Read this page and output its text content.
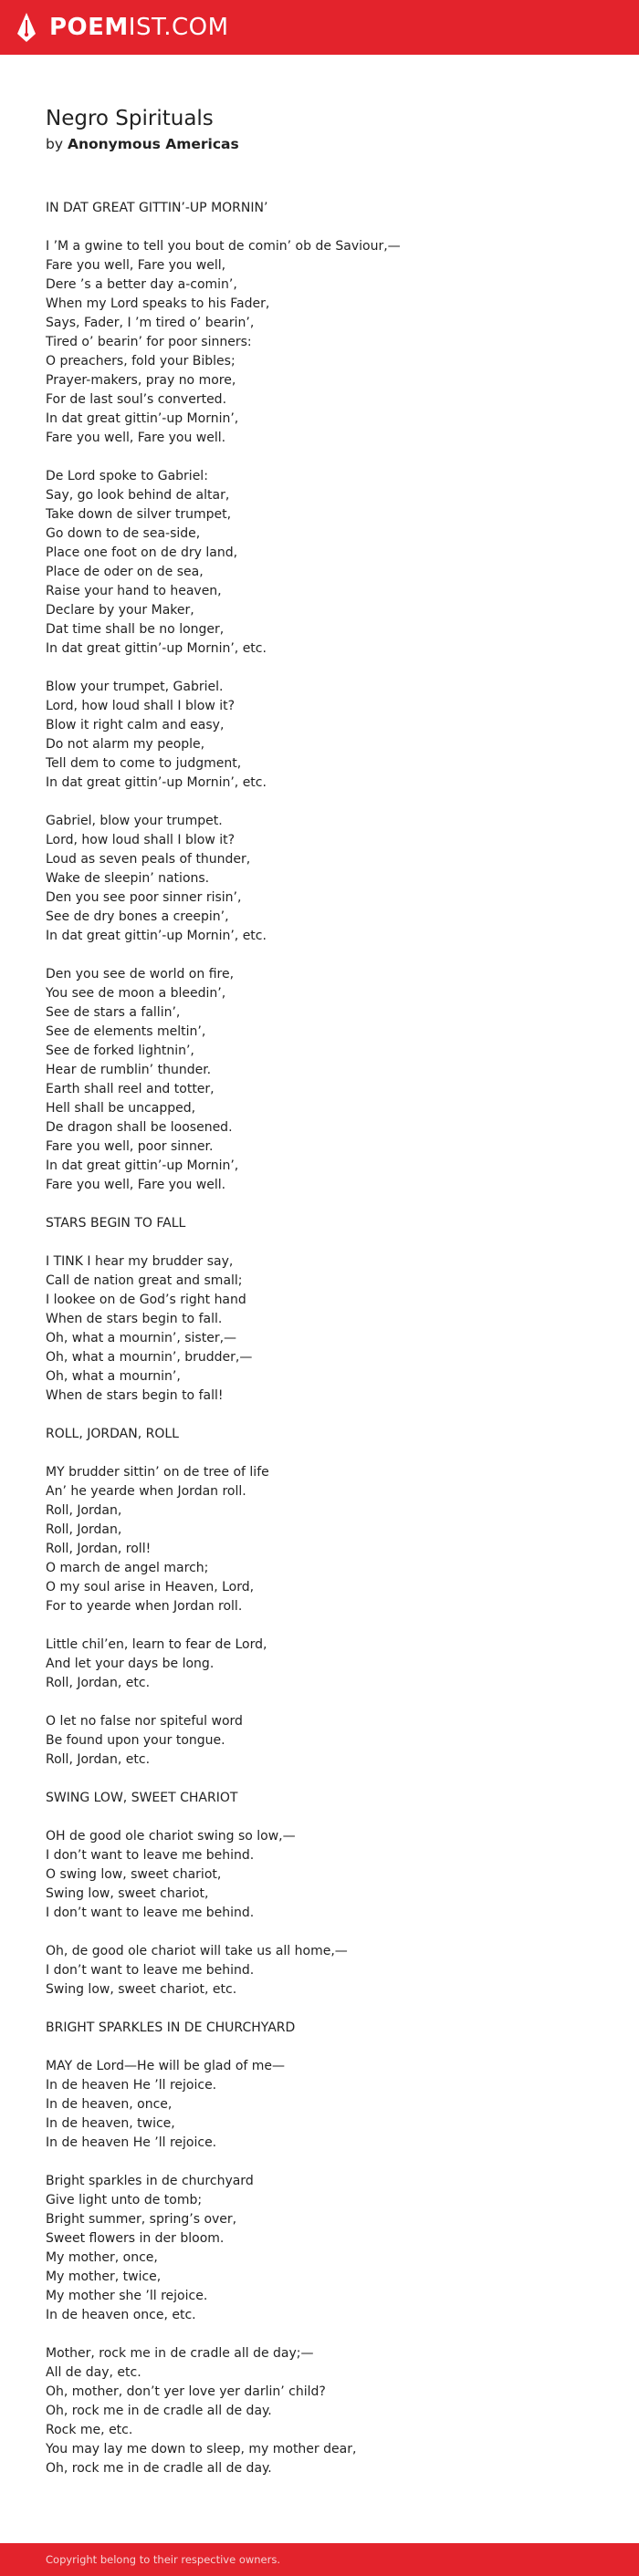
POEMIST.COM
Negro Spirituals
by Anonymous Americas
IN DAT GREAT GITTIN’-UP MORNIN’
I ’M a gwine to tell you bout de comin’ ob de Saviour,—
Fare you well, Fare you well,
Dere ’s a better day a-comin’,
When my Lord speaks to his Fader,
Says, Fader, I ’m tired o’ bearin’,
Tired o’ bearin’ for poor sinners:
O preachers, fold your Bibles;
Prayer-makers, pray no more,
For de last soul’s converted.
In dat great gittin’-up Mornin’,
Fare you well, Fare you well.
De Lord spoke to Gabriel:
Say, go look behind de altar,
Take down de silver trumpet,
Go down to de sea-side,
Place one foot on de dry land,
Place de oder on de sea,
Raise your hand to heaven,
Declare by your Maker,
Dat time shall be no longer,
In dat great gittin’-up Mornin’, etc.
Blow your trumpet, Gabriel.
Lord, how loud shall I blow it?
Blow it right calm and easy,
Do not alarm my people,
Tell dem to come to judgment,
In dat great gittin’-up Mornin’, etc.
Gabriel, blow your trumpet.
Lord, how loud shall I blow it?
Loud as seven peals of thunder,
Wake de sleepin’ nations.
Den you see poor sinner risin’,
See de dry bones a creepin’,
In dat great gittin’-up Mornin’, etc.
Den you see de world on fire,
You see de moon a bleedin’,
See de stars a fallin’,
See de elements meltin’,
See de forked lightnin’,
Hear de rumblin’ thunder.
Earth shall reel and totter,
Hell shall be uncapped,
De dragon shall be loosened.
Fare you well, poor sinner.
In dat great gittin’-up Mornin’,
Fare you well, Fare you well.
STARS BEGIN TO FALL
I TINK I hear my brudder say,
Call de nation great and small;
I lookee on de God’s right hand
When de stars begin to fall.
Oh, what a mournin’, sister,—
Oh, what a mournin’, brudder,—
Oh, what a mournin’,
When de stars begin to fall!
ROLL, JORDAN, ROLL
MY brudder sittin’ on de tree of life
An’ he yearde when Jordan roll.
Roll, Jordan,
Roll, Jordan,
Roll, Jordan, roll!
O march de angel march;
O my soul arise in Heaven, Lord,
For to yearde when Jordan roll.
Little chil’en, learn to fear de Lord,
And let your days be long.
Roll, Jordan, etc.
O let no false nor spiteful word
Be found upon your tongue.
Roll, Jordan, etc.
SWING LOW, SWEET CHARIOT
OH de good ole chariot swing so low,—
I don’t want to leave me behind.
O swing low, sweet chariot,
Swing low, sweet chariot,
I don’t want to leave me behind.
Oh, de good ole chariot will take us all home,—
I don’t want to leave me behind.
Swing low, sweet chariot, etc.
BRIGHT SPARKLES IN DE CHURCHYARD
MAY de Lord—He will be glad of me—
In de heaven He ’ll rejoice.
In de heaven, once,
In de heaven, twice,
In de heaven He ’ll rejoice.
Bright sparkles in de churchyard
Give light unto de tomb;
Bright summer, spring’s over,
Sweet flowers in der bloom.
My mother, once,
My mother, twice,
My mother she ’ll rejoice.
In de heaven once, etc.
Mother, rock me in de cradle all de day;—
All de day, etc.
Oh, mother, don’t yer love yer darlin’ child?
Oh, rock me in de cradle all de day.
Rock me, etc.
You may lay me down to sleep, my mother dear,
Oh, rock me in de cradle all de day.
Copyright belong to their respective owners.
